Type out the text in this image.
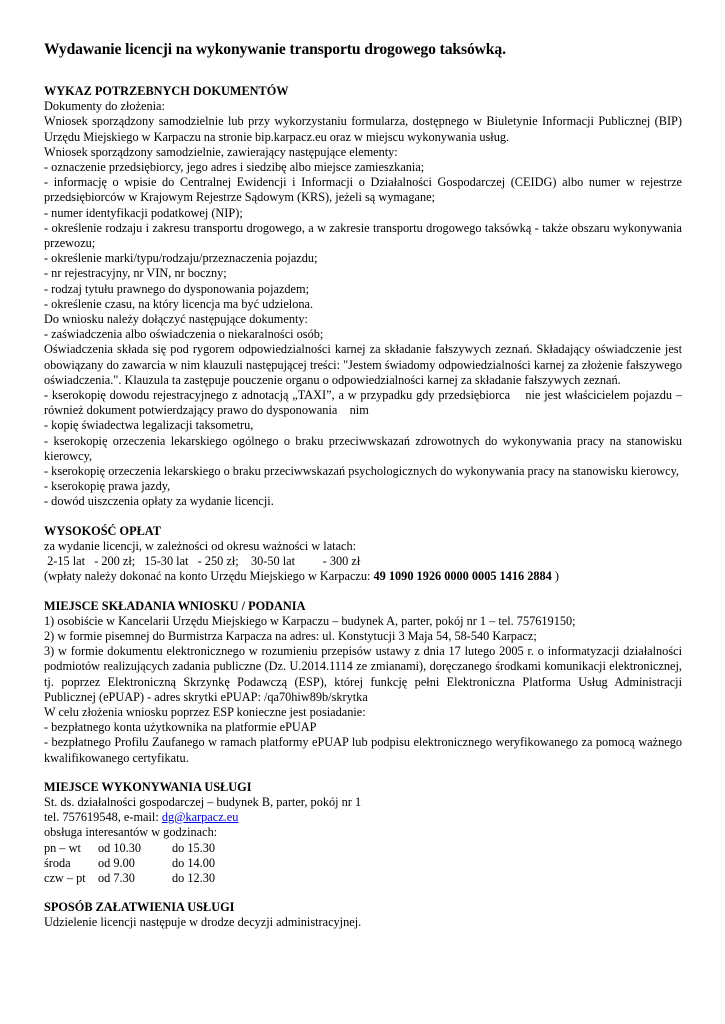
Wydawanie licencji na wykonywanie transportu drogowego taksówką.
WYKAZ POTRZEBNYCH DOKUMENTÓW
Dokumenty do złożenia:
Wniosek sporządzony samodzielnie lub przy wykorzystaniu formularza, dostępnego w Biuletynie Informacji Publicznej (BIP) Urzędu Miejskiego w Karpaczu na stronie bip.karpacz.eu oraz w miejscu wykonywania usług.
Wniosek sporządzony samodzielnie, zawierający następujące elementy:
- oznaczenie przedsiębiorcy, jego adres i siedzibę albo miejsce zamieszkania;
- informację o wpisie do Centralnej Ewidencji i Informacji o Działalności Gospodarczej (CEIDG) albo numer w rejestrze przedsiębiorców w Krajowym Rejestrze Sądowym (KRS), jeżeli są wymagane;
- numer identyfikacji podatkowej (NIP);
- określenie rodzaju i zakresu transportu drogowego, a w zakresie transportu drogowego taksówką - także obszaru wykonywania przewozu;
- określenie marki/typu/rodzaju/przeznaczenia pojazdu;
- nr rejestracyjny, nr VIN, nr boczny;
- rodzaj tytułu prawnego do dysponowania pojazdem;
- określenie czasu, na który licencja ma być udzielona.
Do wniosku należy dołączyć następujące dokumenty:
- zaświadczenia albo oświadczenia o niekaralności osób;
Oświadczenia składa się pod rygorem odpowiedzialności karnej za składanie fałszywych zeznań. Składający oświadczenie jest obowiązany do zawarcia w nim klauzuli następującej treści: "Jestem świadomy odpowiedzialności karnej za złożenie fałszywego oświadczenia.". Klauzula ta zastępuje pouczenie organu o odpowiedzialności karnej za składanie fałszywych zeznań.
- kserokopię dowodu rejestracyjnego z adnotacją „TAXI”, a w przypadku gdy przedsiębiorca    nie jest właścicielem pojazdu – również dokument potwierdzający prawo do dysponowania    nim
- kopię świadectwa legalizacji taksometru,
- kserokopię orzeczenia lekarskiego ogólnego o braku przeciwwskazań zdrowotnych do wykonywania pracy na stanowisku kierowcy,
- kserokopię orzeczenia lekarskiego o braku przeciwwskazań psychologicznych do wykonywania pracy na stanowisku kierowcy,
- kserokopię prawa jazdy,
- dowód uiszczenia opłaty za wydanie licencji.
WYSOKOŚĆ OPŁAT
za wydanie licencji, w zależności od okresu ważności w latach:
2-15 lat   - 200 zł;   15-30 lat   - 250 zł;    30-50 lat         - 300 zł
(wpłaty należy dokonać na konto Urzędu Miejskiego w Karpaczu: 49 1090 1926 0000 0005 1416 2884 )
MIEJSCE SKŁADANIA WNIOSKU / PODANIA
1) osobiście w Kancelarii Urzędu Miejskiego w Karpaczu – budynek A, parter, pokój nr 1 – tel. 757619150;
2) w formie pisemnej do Burmistrza Karpacza na adres: ul. Konstytucji 3 Maja 54, 58-540 Karpacz;
3) w formie dokumentu elektronicznego w rozumieniu przepisów ustawy z dnia 17 lutego 2005 r. o informatyzacji działalności podmiotów realizujących zadania publiczne (Dz. U.2014.1114 ze zmianami), doręczanego środkami komunikacji elektronicznej, tj. poprzez Elektroniczną Skrzynkę Podawczą (ESP), której funkcję pełni Elektroniczna Platforma Usług Administracji Publicznej (ePUAP) - adres skrytki ePUAP: /qa70hiw89b/skrytka
W celu złożenia wniosku poprzez ESP konieczne jest posiadanie:
- bezpłatnego konta użytkownika na platformie ePUAP
- bezpłatnego Profilu Zaufanego w ramach platformy ePUAP lub podpisu elektronicznego weryfikowanego za pomocą ważnego kwalifikowanego certyfikatu.
MIEJSCE WYKONYWANIA USŁUGI
St. ds. działalności gospodarczej – budynek B, parter, pokój nr 1
tel. 757619548, e-mail: dg@karpacz.eu
obsługa interesantów w godzinach:
pn – wt	od 10.30	do 15.30
środa	od 9.00	do 14.00
czw – pt	od 7.30	do 12.30
SPOSÓB ZAŁATWIENIA USŁUGI
Udzielenie licencji następuje w drodze decyzji administracyjnej.
